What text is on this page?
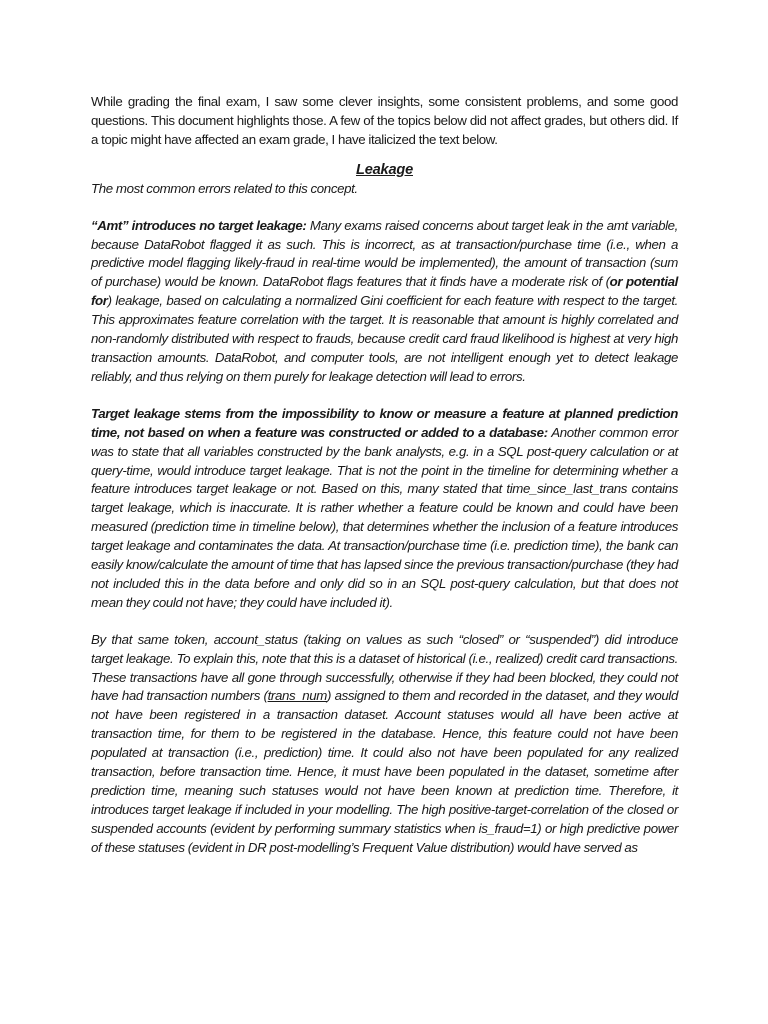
While grading the final exam, I saw some clever insights, some consistent problems, and some good questions. This document highlights those. A few of the topics below did not affect grades, but others did. If a topic might have affected an exam grade, I have italicized the text below.

Leakage

The most common errors related to this concept.

“Amt” introduces no target leakage: Many exams raised concerns about target leak in the amt variable, because DataRobot flagged it as such. This is incorrect, as at transaction/purchase time (i.e., when a predictive model flagging likely-fraud in real-time would be implemented), the amount of transaction (sum of purchase) would be known. DataRobot flags features that it finds have a moderate risk of (or potential for) leakage, based on calculating a normalized Gini coefficient for each feature with respect to the target. This approximates feature correlation with the target. It is reasonable that amount is highly correlated and non-randomly distributed with respect to frauds, because credit card fraud likelihood is highest at very high transaction amounts. DataRobot, and computer tools, are not intelligent enough yet to detect leakage reliably, and thus relying on them purely for leakage detection will lead to errors.

Target leakage stems from the impossibility to know or measure a feature at planned prediction time, not based on when a feature was constructed or added to a database: Another common error was to state that all variables constructed by the bank analysts, e.g. in a SQL post-query calculation or at query-time, would introduce target leakage. That is not the point in the timeline for determining whether a feature introduces target leakage or not. Based on this, many stated that time_since_last_trans contains target leakage, which is inaccurate. It is rather whether a feature could be known and could have been measured (prediction time in timeline below), that determines whether the inclusion of a feature introduces target leakage and contaminates the data. At transaction/purchase time (i.e. prediction time), the bank can easily know/calculate the amount of time that has lapsed since the previous transaction/purchase (they had not included this in the data before and only did so in an SQL post-query calculation, but that does not mean they could not have; they could have included it).

By that same token, account_status (taking on values as such “closed” or “suspended”) did introduce target leakage. To explain this, note that this is a dataset of historical (i.e., realized) credit card transactions. These transactions have all gone through successfully, otherwise if they had been blocked, they could not have had transaction numbers (trans_num) assigned to them and recorded in the dataset, and they would not have been registered in a transaction dataset. Account statuses would all have been active at transaction time, for them to be registered in the database. Hence, this feature could not have been populated at transaction (i.e., prediction) time. It could also not have been populated for any realized transaction, before transaction time. Hence, it must have been populated in the dataset, sometime after prediction time, meaning such statuses would not have been known at prediction time. Therefore, it introduces target leakage if included in your modelling. The high positive-target-correlation of the closed or suspended accounts (evident by performing summary statistics when is_fraud=1) or high predictive power of these statuses (evident in DR post-modelling’s Frequent Value distribution) would have served as
